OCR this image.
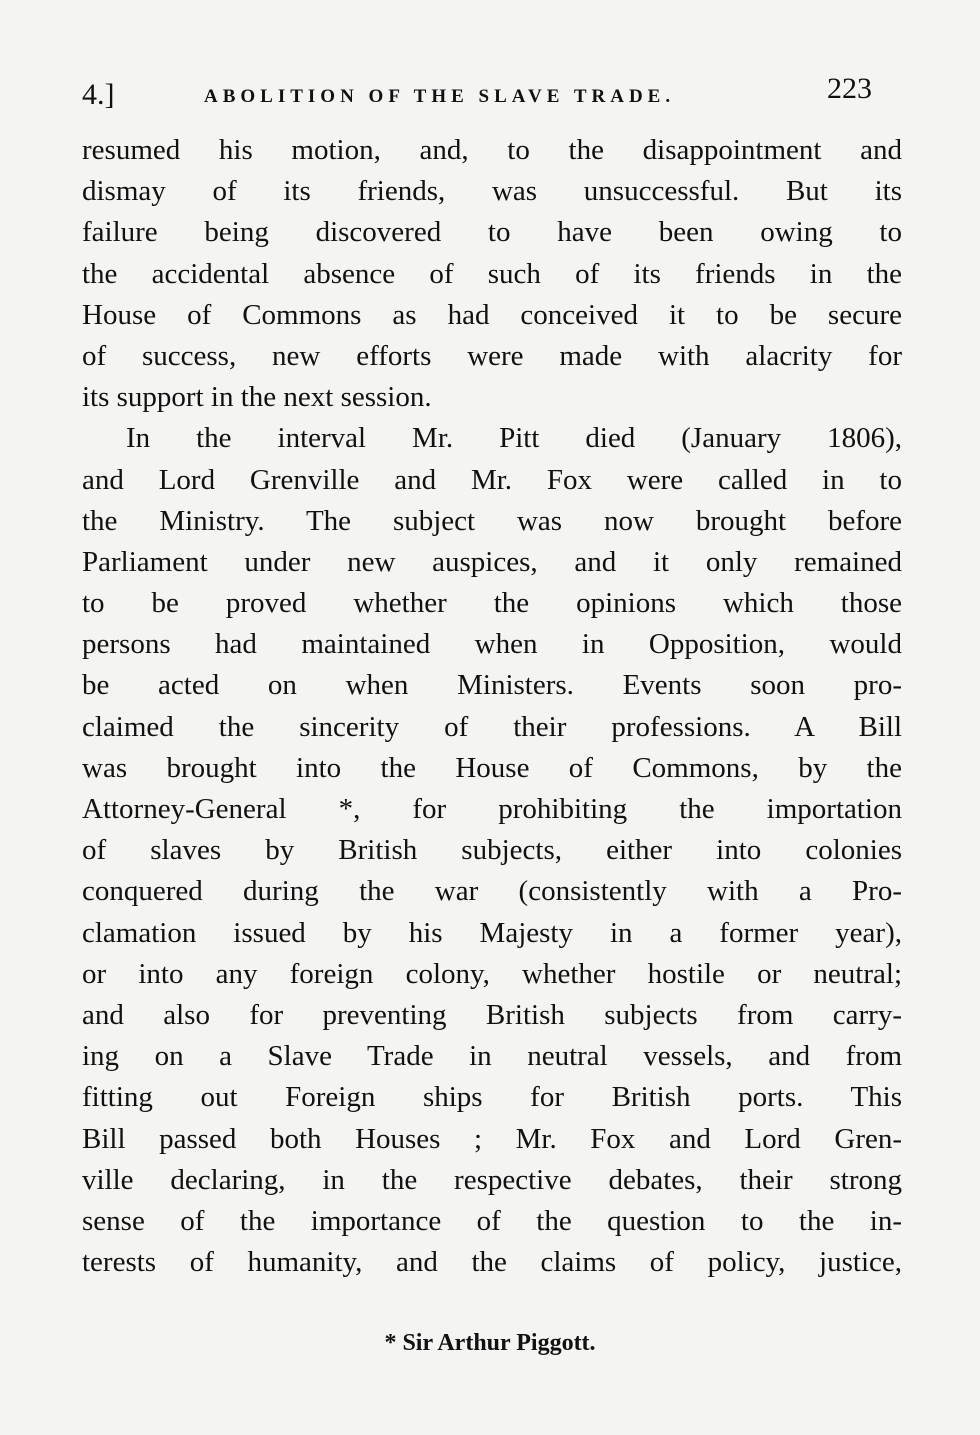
4.]	ABOLITION OF THE SLAVE TRADE.	223
resumed his motion, and, to the disappointment and
dismay of its friends, was unsuccessful. But its
failure being discovered to have been owing to
the accidental absence of such of its friends in the
House of Commons as had conceived it to be secure
of success, new efforts were made with alacrity for
its support in the next session.
In the interval Mr. Pitt died (January 1806),
and Lord Grenville and Mr. Fox were called in to
the Ministry. The subject was now brought before
Parliament under new auspices, and it only remained
to be proved whether the opinions which those
persons had maintained when in Opposition, would
be acted on when Ministers. Events soon pro-
claimed the sincerity of their professions. A Bill
was brought into the House of Commons, by the
Attorney-General *, for prohibiting the importation
of slaves by British subjects, either into colonies
conquered during the war (consistently with a Pro-
clamation issued by his Majesty in a former year),
or into any foreign colony, whether hostile or neutral;
and also for preventing British subjects from carry-
ing on a Slave Trade in neutral vessels, and from
fitting out Foreign ships for British ports. This
Bill passed both Houses ; Mr. Fox and Lord Gren-
ville declaring, in the respective debates, their strong
sense of the importance of the question to the in-
terests of humanity, and the claims of policy, justice,
* Sir Arthur Piggott.
